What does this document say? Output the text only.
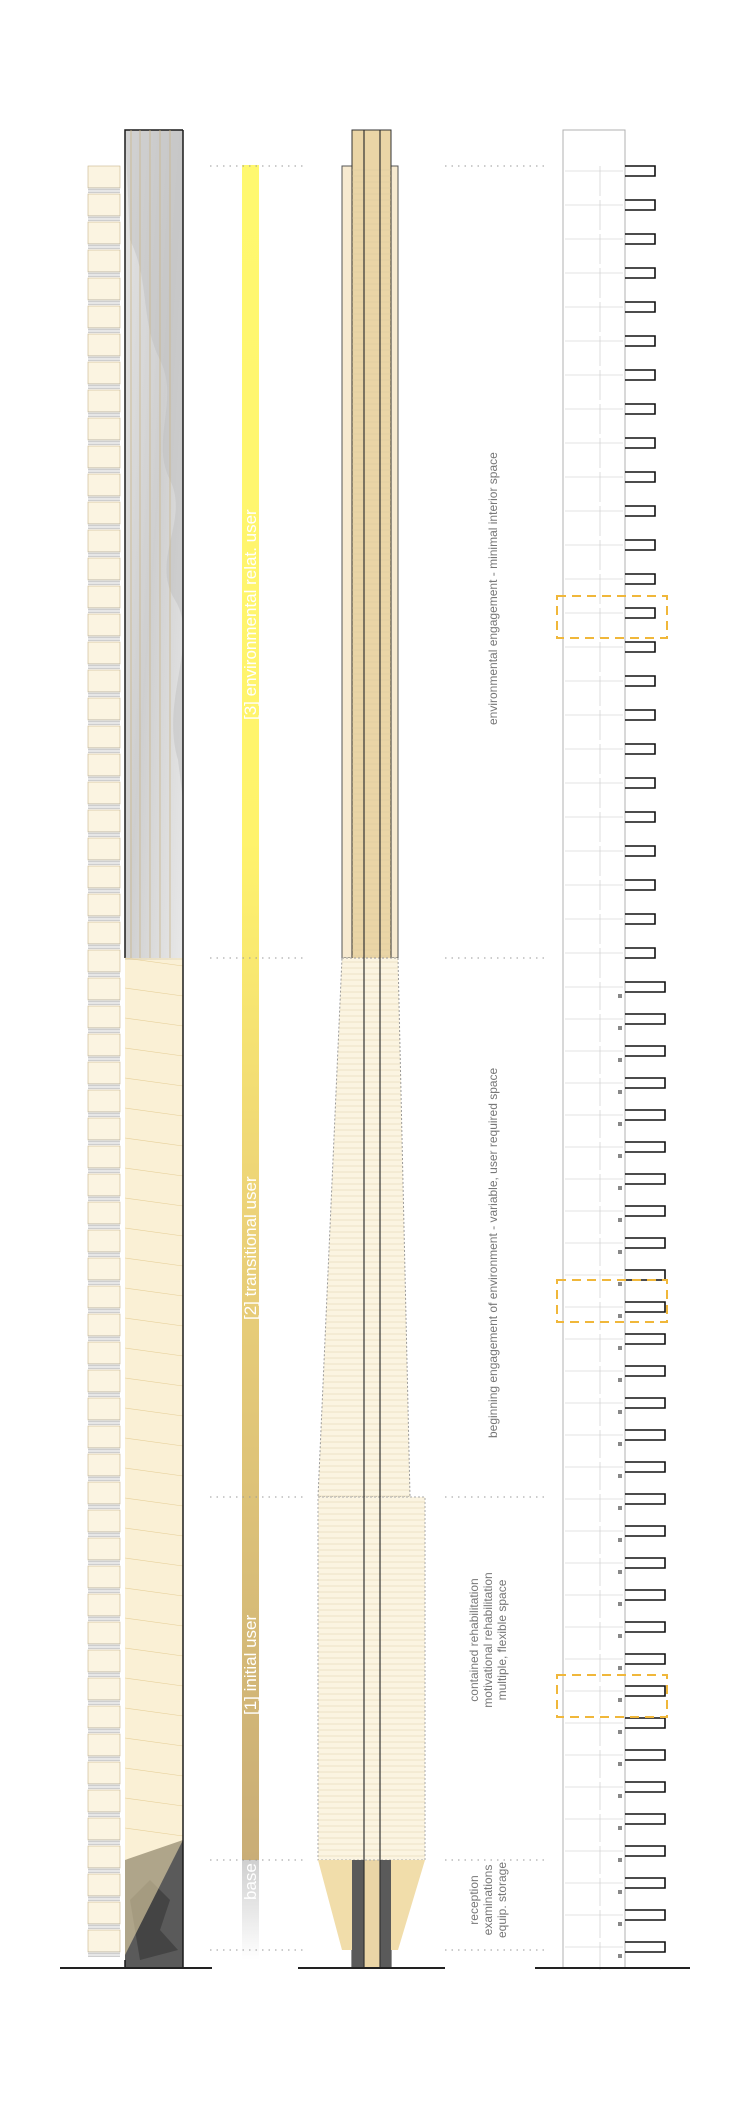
[3] environmental relat. user
[2] transitional user
[1] initial user
base
environmental engagement - minimal interior space
beginning engagement of environment - variable, user required space
contained rehabilitationmotivational rehabilitationmultiple, flexible space
receptionexaminationsequip. storage
